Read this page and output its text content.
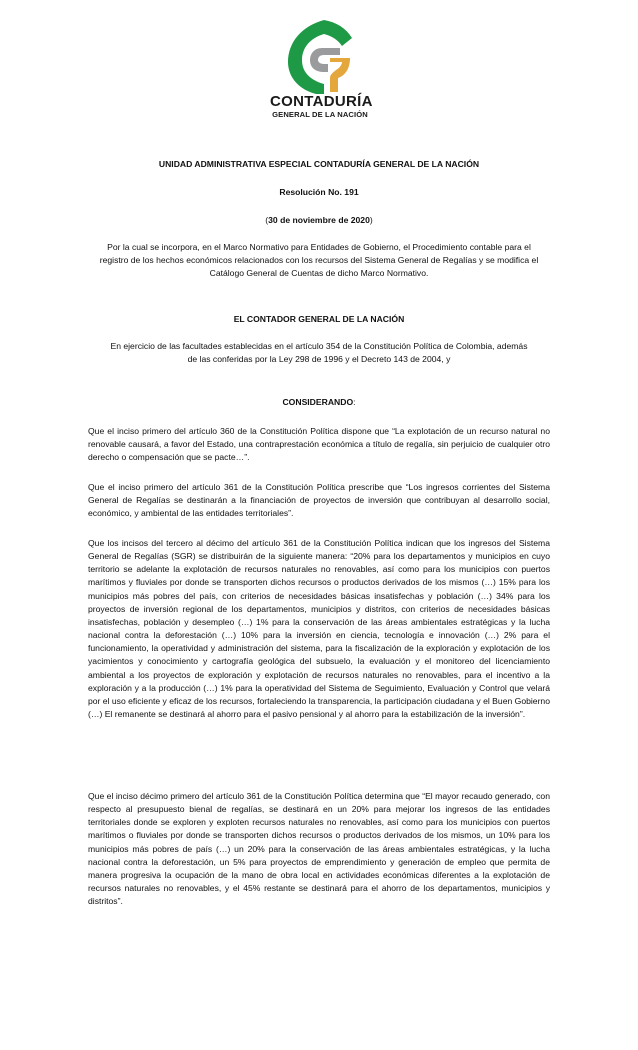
CONTADURÍA
GENERAL DE LA NACIÓN
UNIDAD ADMINISTRATIVA ESPECIAL CONTADURÍA GENERAL DE LA NACIÓN
Resolución No. 191
(30 de noviembre de 2020)
Por la cual se incorpora, en el Marco Normativo para Entidades de Gobierno, el Procedimiento contable para el registro de los hechos económicos relacionados con los recursos del Sistema General de Regalías y se modifica el Catálogo General de Cuentas de dicho Marco Normativo.
EL CONTADOR GENERAL DE LA NACIÓN
En ejercicio de las facultades establecidas en el artículo 354 de la Constitución Política de Colombia, además de las conferidas por la Ley 298 de 1996 y el Decreto 143 de 2004, y
CONSIDERANDO:

Que el inciso primero del artículo 360 de la Constitución Política dispone que “La explotación de un recurso natural no renovable causará, a favor del Estado, una contraprestación económica a título de regalía, sin perjuicio de cualquier otro derecho o compensación que se pacte…”.

Que el inciso primero del artículo 361 de la Constitución Política prescribe que “Los ingresos corrientes del Sistema General de Regalías se destinarán a la financiación de proyectos de inversión que contribuyan al desarrollo social, económico, y ambiental de las entidades territoriales”.

Que los incisos del tercero al décimo del artículo 361 de la Constitución Política indican que los ingresos del Sistema General de Regalías (SGR) se distribuirán de la siguiente manera: “20% para los departamentos y municipios en cuyo territorio se adelante la explotación de recursos naturales no renovables, así como para los municipios con puertos marítimos y fluviales por donde se transporten dichos recursos o productos derivados de los mismos (…) 15% para los municipios más pobres del país, con criterios de necesidades básicas insatisfechas y población (…) 34% para los proyectos de inversión regional de los departamentos, municipios y distritos, con criterios de necesidades básicas insatisfechas, población y desempleo (…) 1% para la conservación de las áreas ambientales estratégicas y la lucha nacional contra la deforestación (…) 10% para la inversión en ciencia, tecnología e innovación (…) 2% para el funcionamiento, la operatividad y administración del sistema, para la fiscalización de la exploración y explotación de los yacimientos y conocimiento y cartografía geológica del subsuelo, la evaluación y el monitoreo del licenciamiento ambiental a los proyectos de exploración y explotación de recursos naturales no renovables, para el incentivo a la exploración y a la producción (…) 1% para la operatividad del Sistema de Seguimiento, Evaluación y Control que velará por el uso eficiente y eficaz de los recursos, fortaleciendo la transparencia, la participación ciudadana y el Buen Gobierno (…) El remanente se destinará al ahorro para el pasivo pensional y al ahorro para la estabilización de la inversión”.

Que el inciso décimo primero del artículo 361 de la Constitución Política determina que “El mayor recaudo generado, con respecto al presupuesto bienal de regalías, se destinará en un 20% para mejorar los ingresos de las entidades territoriales donde se exploren y exploten recursos naturales no renovables, así como para los municipios con puertos marítimos o fluviales por donde se transporten dichos recursos o productos derivados de los mismos, un 10% para los municipios más pobres de país (…) un 20% para la conservación de las áreas ambientales estratégicas, y la lucha nacional contra la deforestación, un 5% para proyectos de emprendimiento y generación de empleo que permita de manera progresiva la ocupación de la mano de obra local en actividades económicas diferentes a la explotación de recursos naturales no renovables, y el 45% restante se destinará para el ahorro de los departamentos, municipios y distritos”.
